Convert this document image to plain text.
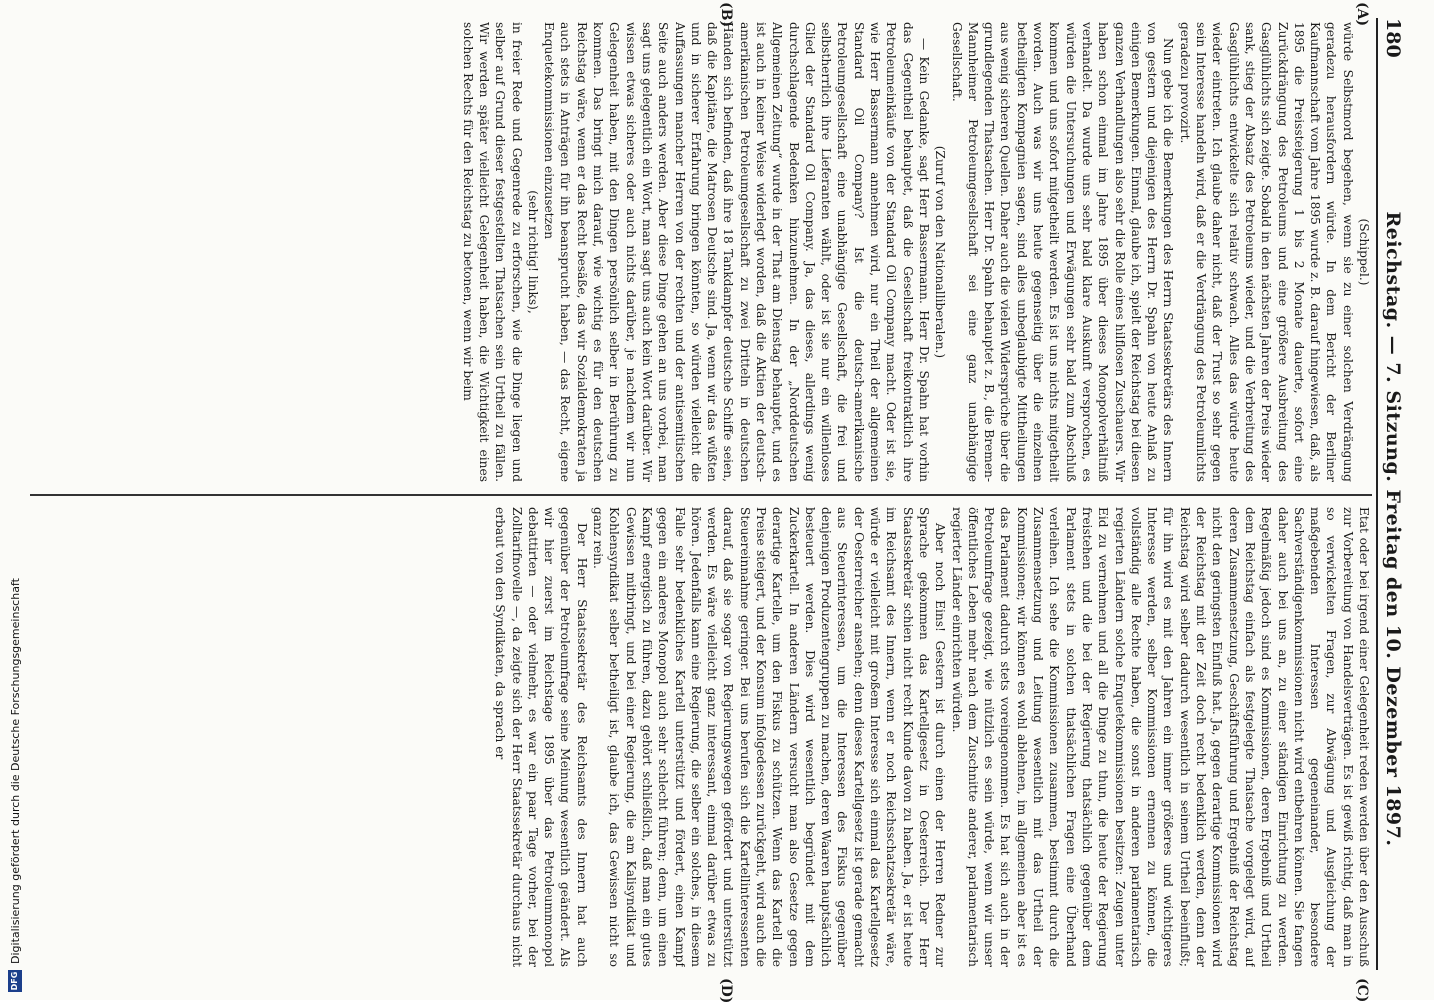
180
Reichstag. — 7. Sitzung. Freitag den 10. Dezember 1897.
(A)
(B)
(C)
(D)

(Schippel.)

würde Selbstmord begehen, wenn sie zu einer solchen Verdrängung geradezu herausfordern würde. In dem Bericht der Berliner Kaufmannschaft vom Jahre 1895 wurde z. B. darauf hingewiesen, daß, als 1895 die Preissteigerung 1 bis 2 Monate dauerte, sofort eine Zurückdrängung des Petroleums und eine größere Ausbreitung des Gasglühlichts sich zeigte. Sobald in den nächsten Jahren der Preis wieder sank, stieg der Absatz des Petroleums wieder, und die Verbreitung des Gasglühlichts entwickelte sich relativ schwach. Alles das würde heute wieder eintreten. Ich glaube daher nicht, daß der Trust so sehr gegen sein Interesse handeln wird, daß er die Verdrängung des Petroleumlichts geradezu provozirt.

Nun gebe ich die Bemerkungen des Herrn Staatssekretärs des Innern von gestern und diejenigen des Herrn Dr. Spahn von heute Anlaß zu einigen Bemerkungen. Einmal, glaube ich, spielt der Reichstag bei diesen ganzen Verhandlungen also sehr die Rolle eines hilflosen Zuschauers. Wir haben schon einmal im Jahre 1895 über dieses Monopolverhältniß verhandelt. Da wurde uns sehr bald klare Auskunft versprochen, es würden die Untersuchungen und Erwägungen sehr bald zum Abschluß kommen und uns sofort mitgetheilt werden. Es ist uns nichts mitgetheilt worden. Auch was wir uns heute gegenseitig über die einzelnen betheiligten Kompagnien sagen, sind alles unbeglaubigte Mittheilungen aus wenig sicheren Quellen. Daher auch die vielen Widersprüche über die grundlegenden Thatsachen. Herr Dr. Spahn behauptet z. B., die Bremen-Mannheimer Petroleumgesellschaft sei eine ganz unabhängige Gesellschaft.

(Zuruf von den Nationalliberalen.)

— Kein Gedanke, sagt Herr Bassermann. Herr Dr. Spahn hat vorhin das Gegentheil behauptet, daß die Gesellschaft freikontraktlich ihre Petroleumeinkäufe von der Standard Oil Company macht. Oder ist sie, wie Herr Bassermann annehmen wird, nur ein Theil der allgemeinen Standard Oil Company? Ist die deutsch-amerikanische Petroleumgesellschaft eine unabhängige Gesellschaft, die frei und selbstherrlich ihre Lieferanten wählt, oder ist sie nur ein willenloses Glied der Standard Oil Company. Ja, das dieses, allerdings wenig durchschlagende Bedenken hinzunehmen. In der „Norddeutschen Allgemeinen Zeitung“ wurde in der That am Dienstag behauptet, und es ist auch in keiner Weise widerlegt worden, daß die Aktien der deutsch-amerikanischen Petroleumgesellschaft zu zwei Dritteln in deutschen Händen sich befinden, daß ihre 18 Tankdampfer deutsche Schiffe seien, daß die Kapitäne, die Matrosen Deutsche sind. Ja, wenn wir das wüßten und in sicherer Erfahrung bringen könnten, so würden vielleicht die Auffassungen mancher Herren von der rechten und der antisemitischen Seite auch anders werden. Aber diese Dinge gehen an uns vorbei, man sagt uns gelegentlich ein Wort, man sagt uns auch kein Wort darüber. Wir wissen etwas sicheres oder auch nichts darüber, je nachdem wir nun Gelegenheit haben, mit den Dingen persönlich selber in Berührung zu kommen. Das bringt mich darauf, wie wichtig es für den deutschen Reichstag wäre, wenn er das Recht besäße, das wir Sozialdemokraten ja auch stets in Anträgen für ihn beansprucht haben, — das Recht, eigene Enquetekommissionen einzusetzen

(sehr richtig! links),

in freier Rede und Gegenrede zu erforschen, wie die Dinge liegen und selber auf Grund dieser festgestellten Thatsachen sein Urtheil zu fällen. Wir werden später vielleicht Gelegenheit haben, die Wichtigkeit eines solchen Rechts für den Reichstag zu betonen, wenn wir beim

Etat oder bei irgend einer Gelegenheit reden werden über den Ausschuß zur Vorbereitung von Handelsverträgen. Es ist gewiß richtig, daß man in so verwickelten Fragen, zur Abwägung und Ausgleichung der maßgebenden Interessen gegeneinander, besondere Sachverständigenkommissionen nicht wird entbehren können. Sie fangen daher auch bei uns an, zu einer ständigen Einrichtung zu werden. Regelmäßig jedoch sind es Kommissionen, deren Ergebniß und Urtheil dem Reichstag einfach als festgelegte Thatsache vorgelegt wird, auf deren Zusammensetzung, Geschäftsführung und Ergebniß der Reichstag nicht den geringsten Einfluß hat. Ja, gegen derartige Kommissionen wird der Reichstag mit der Zeit doch recht bedenklich werden, denn der Reichstag wird selber dadurch wesentlich in seinem Urtheil beeinflußt; für ihn wird es mit den Jahren ein immer größeres und wichtigeres Interesse werden, selber Kommissionen ernennen zu können, die vollständig alle Rechte haben, die sonst in anderen parlamentarisch regierten Ländern solche Enquetekommissionen besitzen: Zeugen unter Eid zu vernehmen und all die Dinge zu thun, die heute der Regierung freistehen und die bei der Regierung thatsächlich gegenüber dem Parlament stets in solchen thatsächlichen Fragen eine Überhand verleihen. Ich sehe die Kommissionen zusammen, bestimmt durch die Zusammensetzung und Leitung wesentlich mit das Urtheil der Kommissionen; wir können es wohl ablehnen, im allgemeinen aber ist es das Parlament dadurch stets voreingenommen. Es hat sich auch in der Petroleumfrage gezeigt, wie nützlich es sein würde, wenn wir unser öffentliches Leben mehr nach dem Zuschnitte anderer, parlamentarisch regierter Länder einrichten würden.

Aber noch Eins! Gestern ist durch einen der Herren Redner zur Sprache gekommen das Kartellgesetz in Oesterreich. Der Herr Staatssekretär schien nicht recht Kunde davon zu haben. Ja, er ist heute im Reichsamt des Innern, wenn er noch Reichsschatzsekretär wäre, würde er vielleicht mit großem Interesse sich einmal das Kartellgesetz der Oesterreicher ansehen; denn dieses Kartellgesetz ist gerade gemacht aus Steuerinteressen, um die Interessen des Fiskus gegenüber denjenigen Produzentengruppen zu machen, deren Waaren hauptsächlich besteuert werden. Dies wird wesentlich begründet mit dem Zuckerkartell. In anderen Ländern versucht man also Gesetze gegen derartige Kartelle, um den Fiskus zu schützen. Wenn das Kartell die Preise steigert, und der Konsum infolgedessen zurückgeht, wird auch die Steuereinnahme geringer. Bei uns berufen sich die Kartellinteressenten darauf, daß sie sogar von Regierungswegen gefördert und unterstützt werden. Es wäre vielleicht ganz interessant, einmal darüber etwas zu hören. Jedenfalls kann eine Regierung, die selber ein solches, in diesem Falle sehr bedenkliches Kartell unterstützt und fördert, einen Kampf gegen ein anderes Monopol auch sehr schlecht führen; denn, um einen Kampf energisch zu führen, dazu gehört schließlich, daß man ein gutes Gewissen mitbringt, und bei einer Regierung, die am Kalisyndikat und Kohlensyndikat selber betheiligt ist, glaube ich, das Gewissen nicht so ganz rein.

Der Herr Staatssekretär des Reichsamts des Innern hat auch gegenüber der Petroleumfrage seine Meinung wesentlich geändert. Als wir hier zuerst im Reichstage 1895 über das Petroleummonopol debattirten — oder vielmehr, es war ein paar Tage vorher, bei der Zolltarifnovelle —, da zeigte sich der Herr Staatssekretär durchaus nicht erbaut von den Syndikaten, da sprach er

DFG
Digitalisierung gefördert durch die Deutsche Forschungsgemeinschaft
